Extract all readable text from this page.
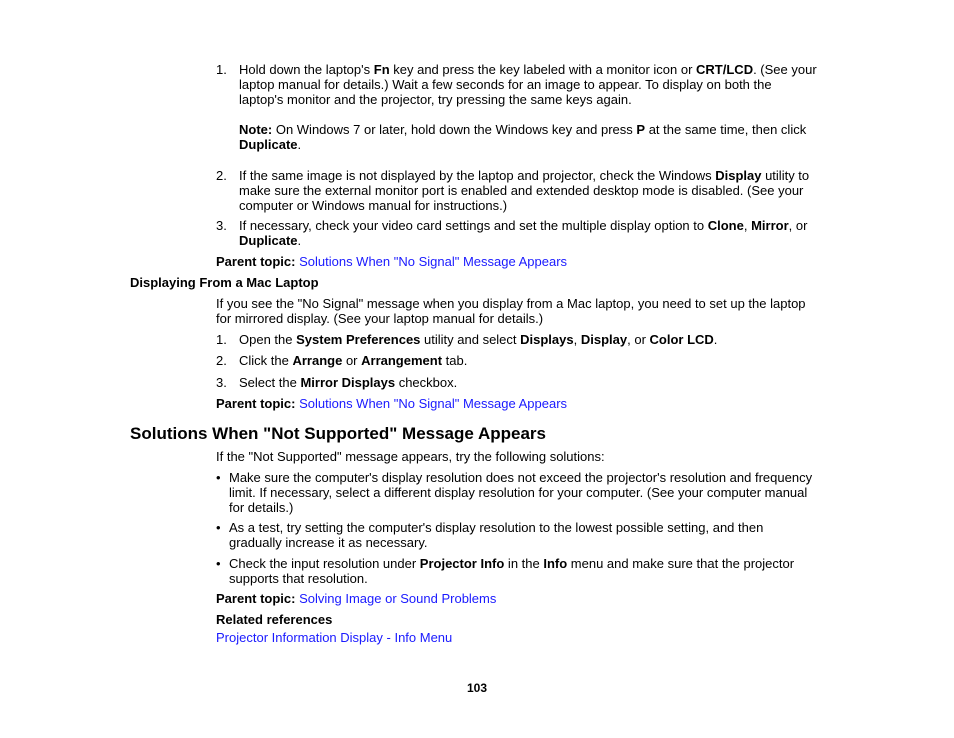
1. Hold down the laptop's Fn key and press the key labeled with a monitor icon or CRT/LCD. (See your
laptop manual for details.) Wait a few seconds for an image to appear. To display on both the
laptop's monitor and the projector, try pressing the same keys again.
Note: On Windows 7 or later, hold down the Windows key and press P at the same time, then click
Duplicate.
2. If the same image is not displayed by the laptop and projector, check the Windows Display utility to
make sure the external monitor port is enabled and extended desktop mode is disabled. (See your
computer or Windows manual for instructions.)
3. If necessary, check your video card settings and set the multiple display option to Clone, Mirror, or
Duplicate.
Parent topic: Solutions When "No Signal" Message Appears
Displaying From a Mac Laptop
If you see the "No Signal" message when you display from a Mac laptop, you need to set up the laptop
for mirrored display. (See your laptop manual for details.)
1. Open the System Preferences utility and select Displays, Display, or Color LCD.
2. Click the Arrange or Arrangement tab.
3. Select the Mirror Displays checkbox.
Parent topic: Solutions When "No Signal" Message Appears
Solutions When "Not Supported" Message Appears
If the "Not Supported" message appears, try the following solutions:
• Make sure the computer's display resolution does not exceed the projector's resolution and frequency
limit. If necessary, select a different display resolution for your computer. (See your computer manual
for details.)
• As a test, try setting the computer's display resolution to the lowest possible setting, and then
gradually increase it as necessary.
• Check the input resolution under Projector Info in the Info menu and make sure that the projector
supports that resolution.
Parent topic: Solving Image or Sound Problems
Related references
Projector Information Display - Info Menu
103
